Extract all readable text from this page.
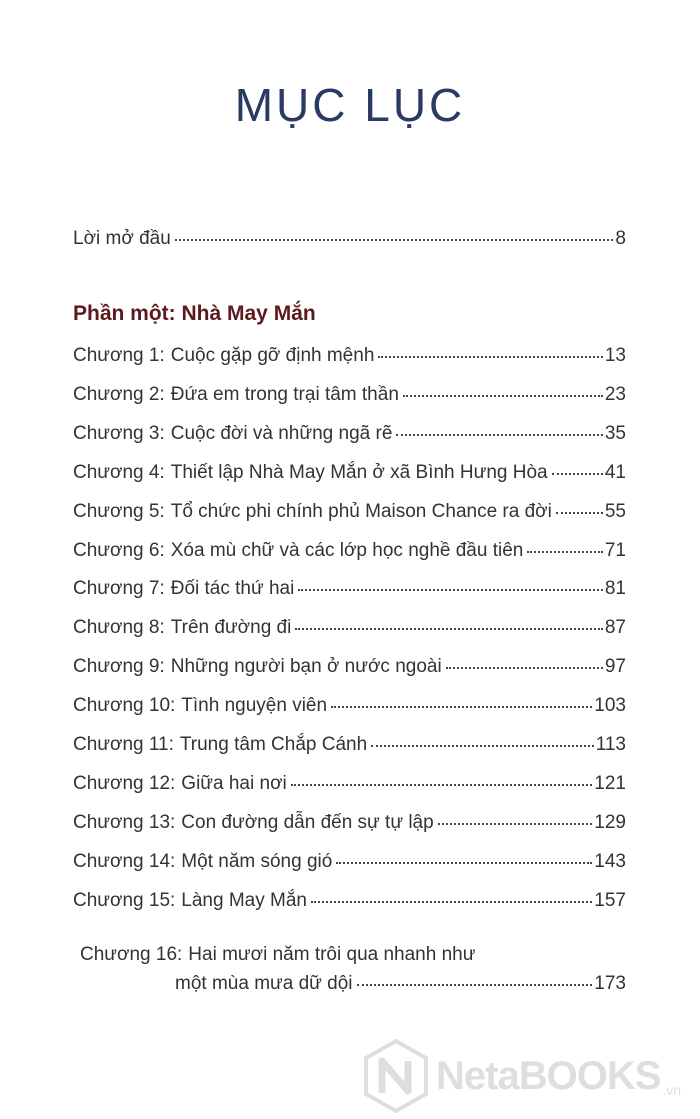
MỤC LỤC
Lời mở đầu	8
Phần một: Nhà May Mắn
Chương 1: Cuộc gặp gỡ định mệnh	13
Chương 2: Đứa em trong trại tâm thần	23
Chương 3: Cuộc đời và những ngã rẽ	35
Chương 4: Thiết lập Nhà May Mắn ở xã Bình Hưng Hòa	41
Chương 5: Tổ chức phi chính phủ Maison Chance ra đời	55
Chương 6: Xóa mù chữ và các lớp học nghề đầu tiên	71
Chương 7: Đối tác thứ hai	81
Chương 8: Trên đường đi	87
Chương 9: Những người bạn ở nước ngoài	97
Chương 10: Tình nguyện viên	103
Chương 11: Trung tâm Chắp Cánh	113
Chương 12: Giữa hai nơi	121
Chương 13: Con đường dẫn đến sự tự lập	129
Chương 14: Một năm sóng gió	143
Chương 15: Làng May Mắn	157
Chương 16: Hai mươi năm trôi qua nhanh như
một mùa mưa dữ dội	173
NetaBOOKS .vn
